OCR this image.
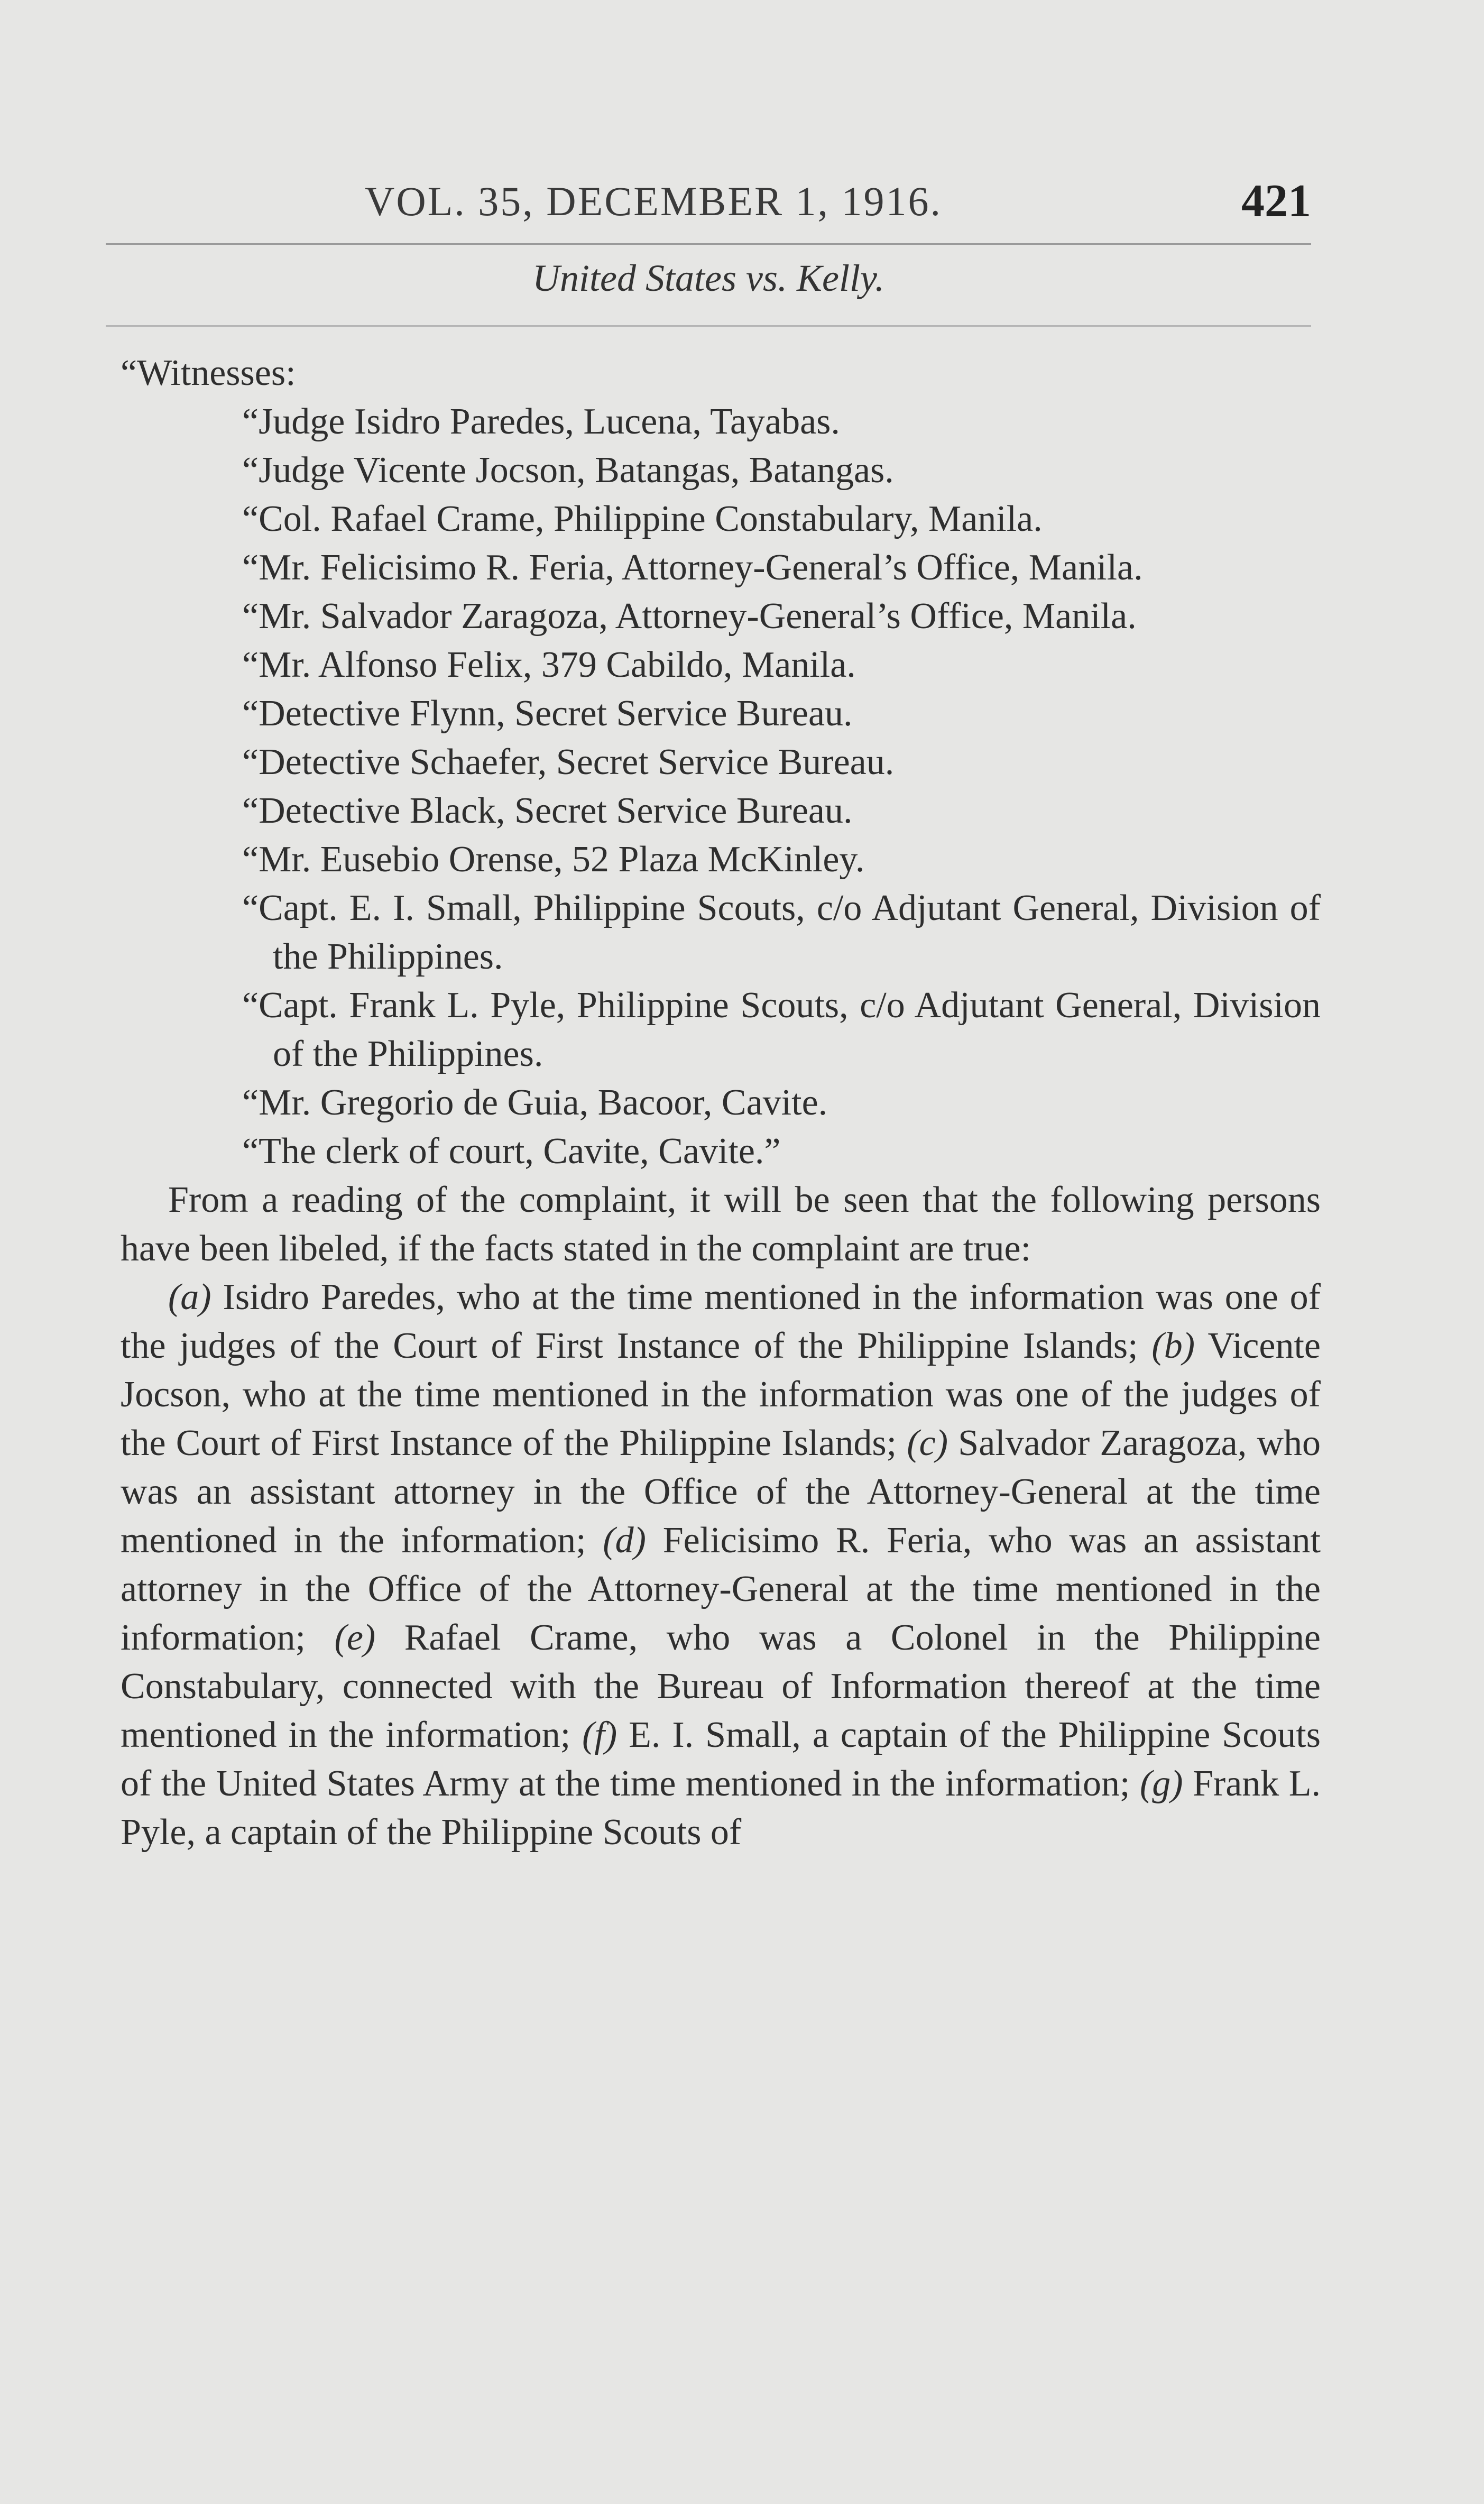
VOL. 35, DECEMBER 1, 1916.	421
United States vs. Kelly.

“Witnesses:

“Judge Isidro Paredes, Lucena, Tayabas.
“Judge Vicente Jocson, Batangas, Batangas.
“Col. Rafael Crame, Philippine Constabulary, Manila.
“Mr. Felicisimo R. Feria, Attorney-General’s Office, Manila.
“Mr. Salvador Zaragoza, Attorney-General’s Office, Manila.
“Mr. Alfonso Felix, 379 Cabildo, Manila.
“Detective Flynn, Secret Service Bureau.
“Detective Schaefer, Secret Service Bureau.
“Detective Black, Secret Service Bureau.
“Mr. Eusebio Orense, 52 Plaza McKinley.
“Capt. E. I. Small, Philippine Scouts, c/o Adjutant General, Division of the Philippines.
“Capt. Frank L. Pyle, Philippine Scouts, c/o Adjutant General, Division of the Philippines.
“Mr. Gregorio de Guia, Bacoor, Cavite.
“The clerk of court, Cavite, Cavite.”

From a reading of the complaint, it will be seen that the following persons have been libeled, if the facts stated in the complaint are true:

(a) Isidro Paredes, who at the time mentioned in the information was one of the judges of the Court of First Instance of the Philippine Islands; (b) Vicente Jocson, who at the time mentioned in the information was one of the judges of the Court of First Instance of the Philippine Islands; (c) Salvador Zaragoza, who was an assistant attorney in the Office of the Attorney-General at the time mentioned in the information; (d) Felicisimo R. Feria, who was an assistant attorney in the Office of the Attorney-General at the time mentioned in the information; (e) Rafael Crame, who was a Colonel in the Philippine Constabulary, connected with the Bureau of Information thereof at the time mentioned in the information; (f) E. I. Small, a captain of the Philippine Scouts of the United States Army at the time mentioned in the information; (g) Frank L. Pyle, a captain of the Philippine Scouts of
